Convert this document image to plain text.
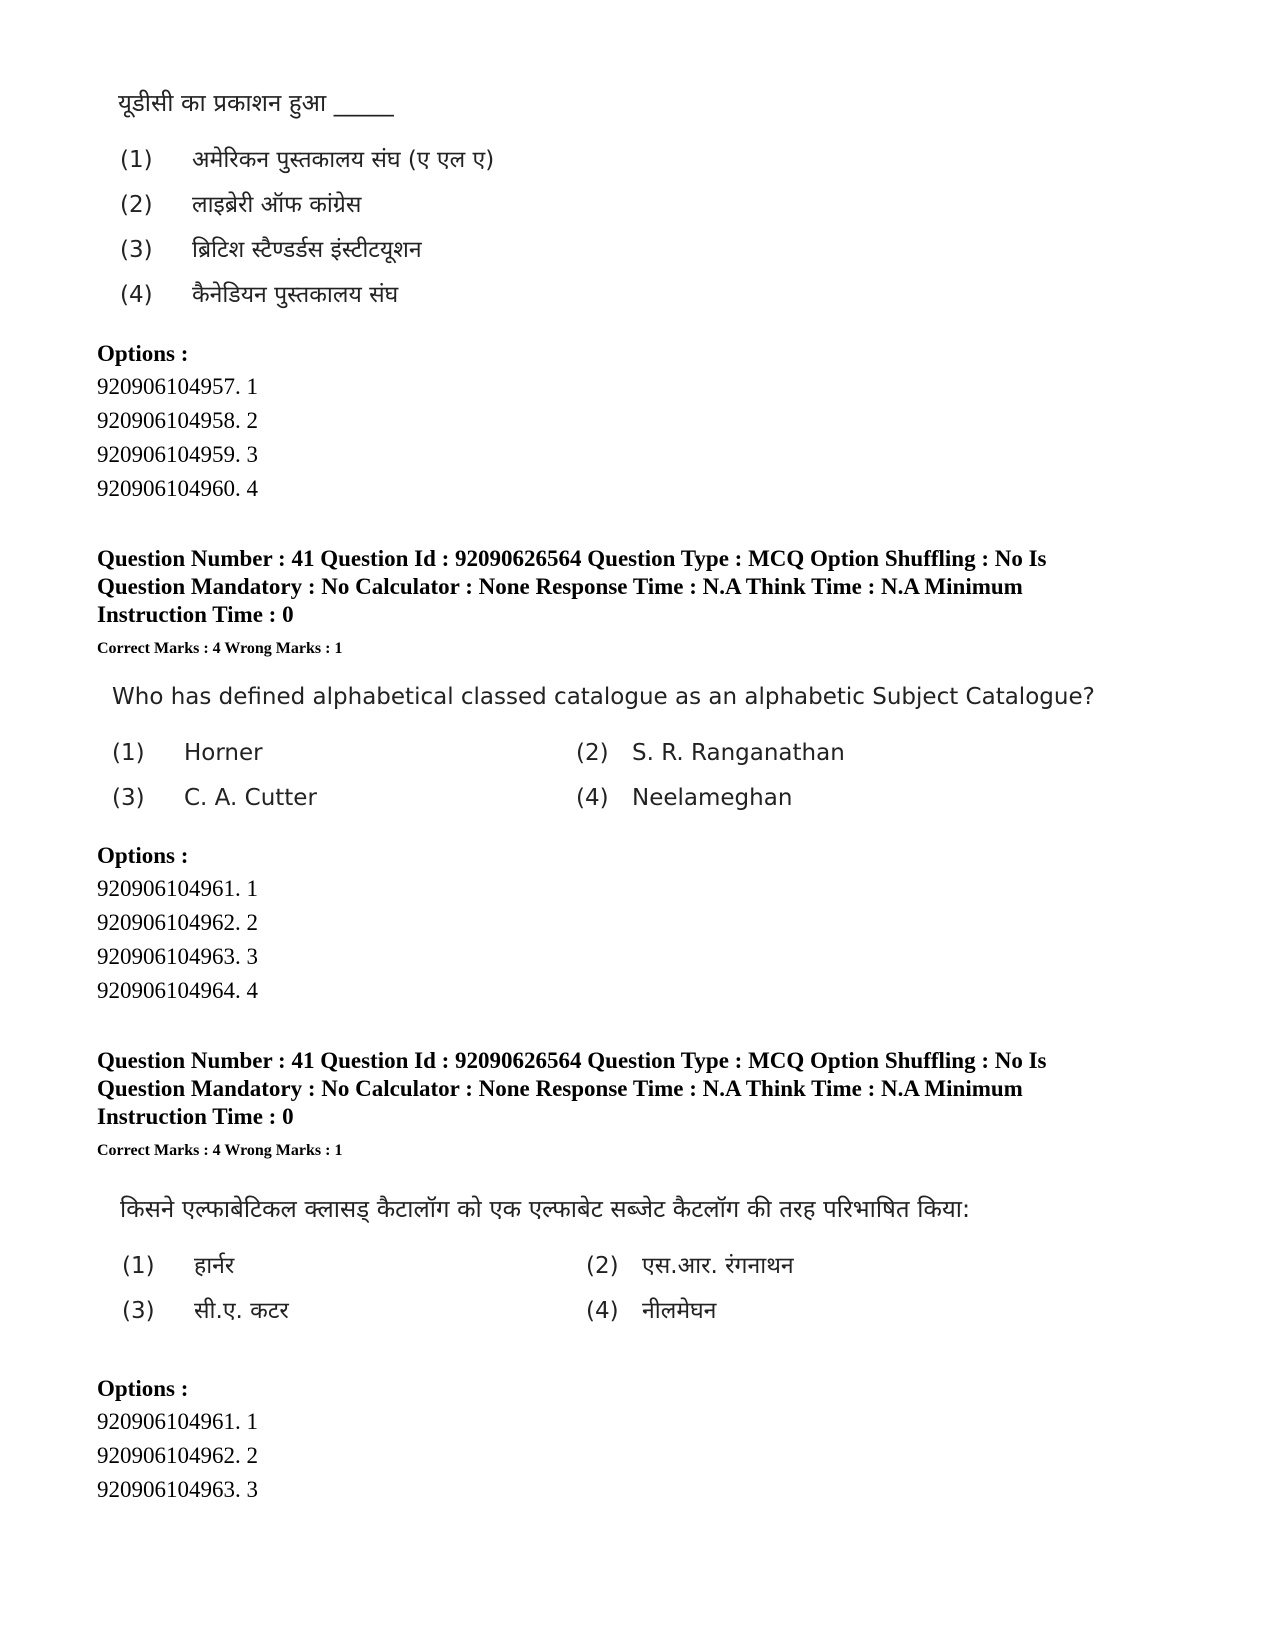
यूडीसी का प्रकाशन हुआ _____
(1)	अमेरिकन पुस्तकालय संघ (ए एल ए)
(2)	लाइब्रेरी ऑफ कांग्रेस
(3)	ब्रिटिश स्टैण्डर्डस इंस्टीटयूशन
(4)	कैनेडियन पुस्तकालय संघ
Options :
920906104957. 1
920906104958. 2
920906104959. 3
920906104960. 4
Question Number : 41 Question Id : 92090626564 Question Type : MCQ Option Shuffling : No Is
Question Mandatory : No Calculator : None Response Time : N.A Think Time : N.A Minimum
Instruction Time : 0
Correct Marks : 4 Wrong Marks : 1
Who has defined alphabetical classed catalogue as an alphabetic Subject Catalogue?
(1)	Horner	(2)	S. R. Ranganathan
(3)	C. A. Cutter	(4)	Neelameghan
Options :
920906104961. 1
920906104962. 2
920906104963. 3
920906104964. 4
Question Number : 41 Question Id : 92090626564 Question Type : MCQ Option Shuffling : No Is
Question Mandatory : No Calculator : None Response Time : N.A Think Time : N.A Minimum
Instruction Time : 0
Correct Marks : 4 Wrong Marks : 1
किसने एल्फाबेटिकल क्लासड् कैटालॉग को एक एल्फाबेट सब्जेट कैटलॉग की तरह परिभाषित किया:
(1)	हार्नर	(2)	एस.आर. रंगनाथन
(3)	सी.ए. कटर	(4)	नीलमेघन
Options :
920906104961. 1
920906104962. 2
920906104963. 3
